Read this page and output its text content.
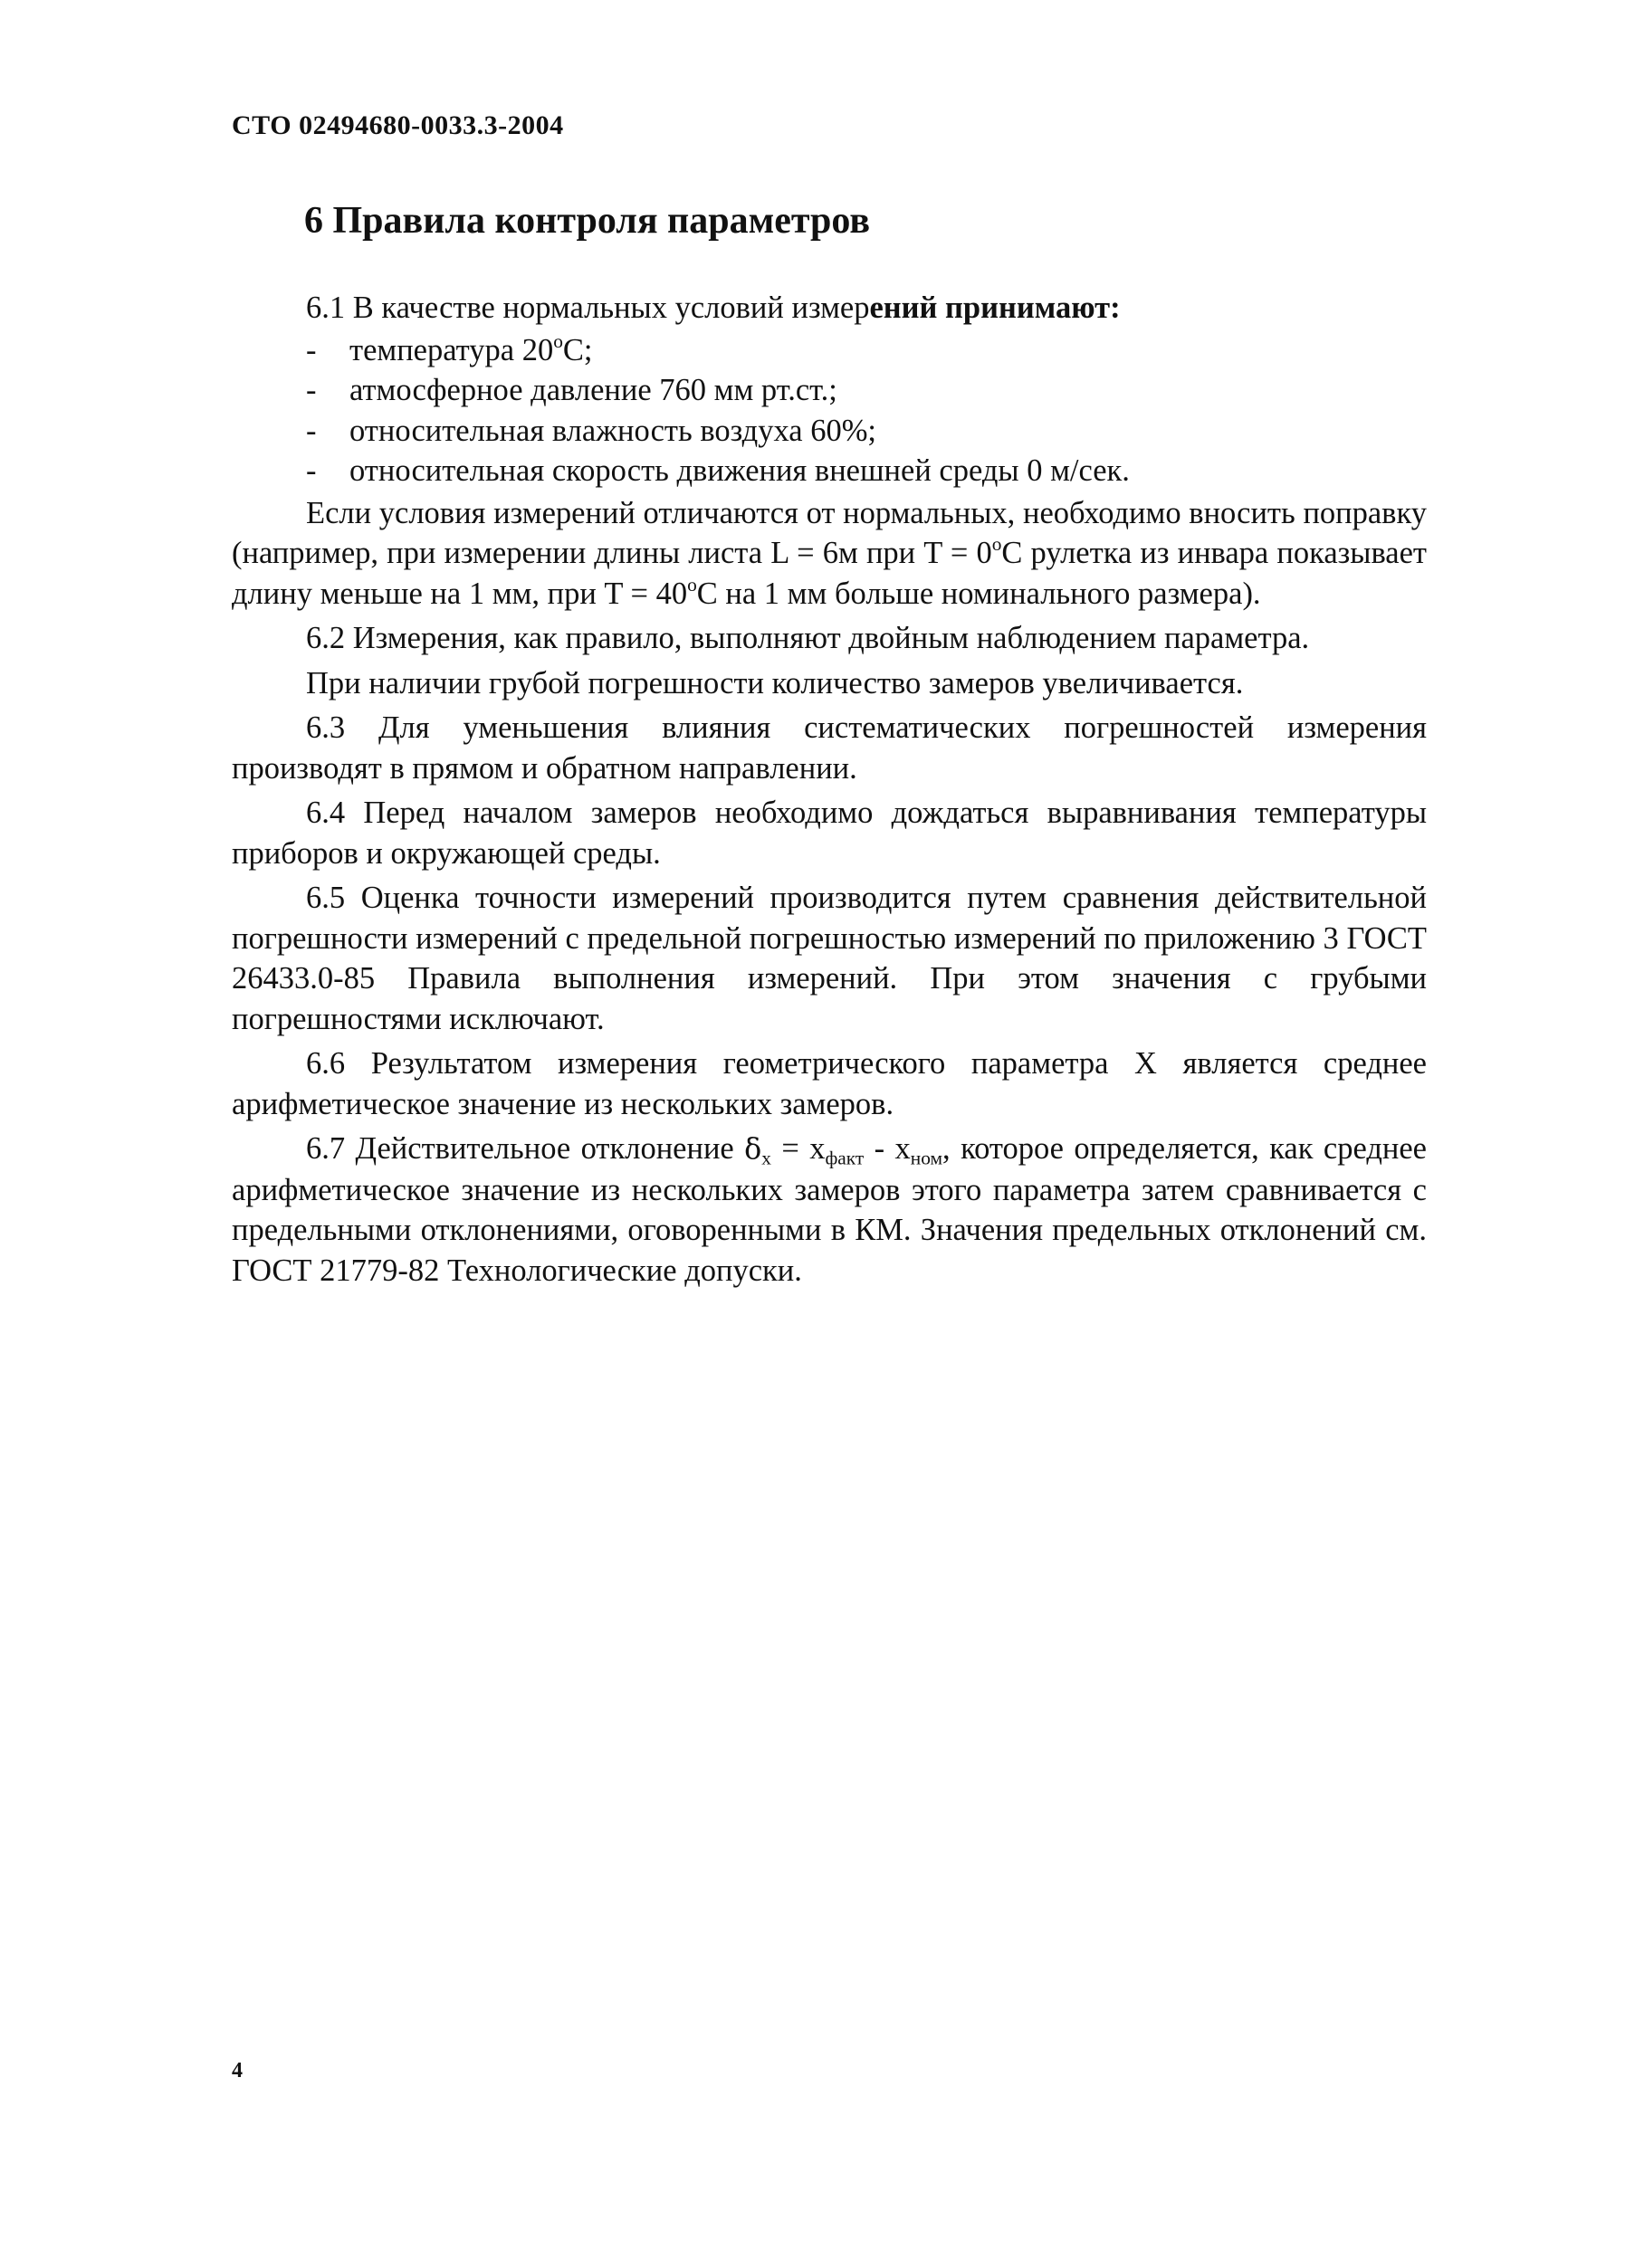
СТО 02494680-0033.3-2004
6 Правила контроля параметров

6.1 В качестве нормальных условий измерений принимают:

- температура $20^оС$;
- атмосферное давление 760 мм рт.ст.;
- относительная влажность воздуха 60%;
- относительная скорость движения внешней среды 0 м/сек.

Если условия измерений отличаются от нормальных, необходимо вносить поправку (например, при измерении длины листа L = 6м при $T = 0^оС$ рулетка из инвара показывает длину меньше на 1 мм, при $T = 40^оС$ на 1 мм больше номинального размера).

6.2 Измерения, как правило, выполняют двойным наблюдением параметра.

При наличии грубой погрешности количество замеров увеличивается.

6.3 Для уменьшения влияния систематических погрешностей измерения производят в прямом и обратном направлении.

6.4 Перед началом замеров необходимо дождаться выравнивания температуры приборов и окружающей среды.

6.5 Оценка точности измерений производится путем сравнения действительной погрешности измерений с предельной погрешностью измерений по приложению 3 ГОСТ 26433.0-85 Правила выполнения измерений. При этом значения с грубыми погрешностями исключают.

6.6 Результатом измерения геометрического параметра Х является среднее арифметическое значение из нескольких замеров.

6.7 Действительное отклонение $\delta_x = x_{факт} - x_{ном}$, которое определяется, как среднее арифметическое значение из нескольких замеров этого параметра затем сравнивается с предельными отклонениями, оговоренными в КМ. Значения предельных отклонений см. ГОСТ 21779-82 Технологические допуски.

4
